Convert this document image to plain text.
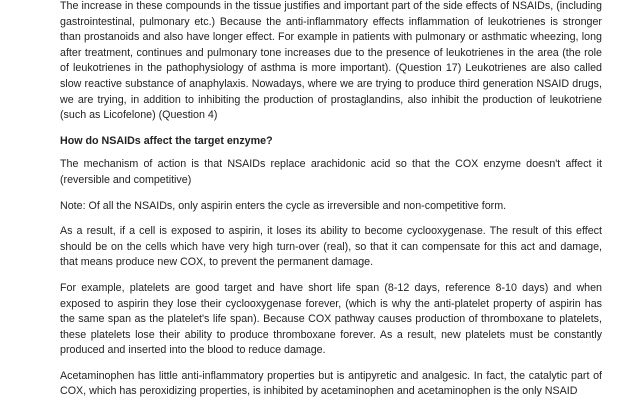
The increase in these compounds in the tissue justifies and important part of the side effects of NSAIDs, (including gastrointestinal, pulmonary etc.) Because the anti-inflammatory effects inflammation of leukotrienes is stronger than prostanoids and also have longer effect. For example in patients with pulmonary or asthmatic wheezing, long after treatment, continues and pulmonary tone increases due to the presence of leukotrienes in the area (the role of leukotrienes in the pathophysiology of asthma is more important). (Question 17) Leukotrienes are also called slow reactive substance of anaphylaxis. Nowadays, where we are trying to produce third generation NSAID drugs, we are trying, in addition to inhibiting the production of prostaglandins, also inhibit the production of leukotriene (such as Licofelone) (Question 4)

How do NSAIDs affect the target enzyme?

The mechanism of action is that NSAIDs replace arachidonic acid so that the COX enzyme doesn't affect it (reversible and competitive)

Note: Of all the NSAIDs, only aspirin enters the cycle as irreversible and non-competitive form.

As a result, if a cell is exposed to aspirin, it loses its ability to become cyclooxygenase. The result of this effect should be on the cells which have very high turn-over (real), so that it can compensate for this act and damage, that means produce new COX, to prevent the permanent damage.

For example, platelets are good target and have short life span (8-12 days, reference 8-10 days) and when exposed to aspirin they lose their cyclooxygenase forever, (which is why the anti-platelet property of aspirin has the same span as the platelet's life span). Because COX pathway causes production of thromboxane to platelets, these platelets lose their ability to produce thromboxane forever. As a result, new platelets must be constantly produced and inserted into the blood to reduce damage.

Acetaminophen has little anti-inflammatory properties but is antipyretic and analgesic. In fact, the catalytic part of COX, which has peroxidizing properties, is inhibited by acetaminophen and acetaminophen is the only NSAID
